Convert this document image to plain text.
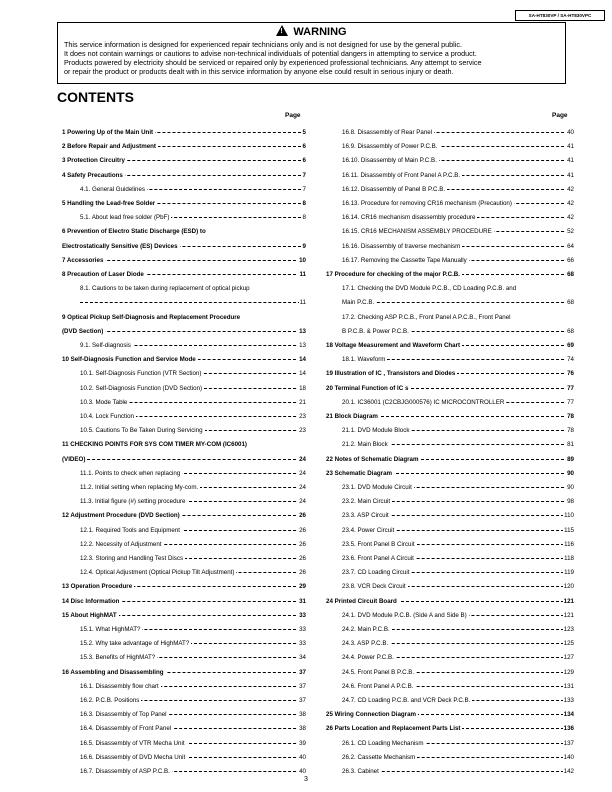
SA-HT830VP / SA-HT830VPC
!WARNING
This service information is designed for experienced repair technicians only and is not designed for use by the general public.
It does not contain warnings or cautions to advise non-technical individuals of potential dangers in attempting to service a product.
Products powered by electricity should be serviced or repaired only by experienced professional technicians. Any attempt to service
or repair the product or products dealt with in this service information by anyone else could result in serious injury or death.
CONTENTS
Page	Page
1 Powering Up of the Main Unit	5
2 Before Repair and Adjustment	6
3 Protection Circuitry	6
4 Safety Precautions	7
4.1. General Guidelines	7
5 Handling the Lead-free Solder	8
5.1. About lead free solder (PbF)	8
6 Prevention of Electro Static Discharge (ESD) to
Electrostatically Sensitive (ES) Devices	9
7 Accessories	10
8 Precaution of Laser Diode	11
8.1. Cautions to be taken during replacement of optical pickup
11
9 Optical Pickup Self-Diagnosis and Replacement Procedure
(DVD Section)	13
9.1. Self-diagnosis	13
10 Self-Diagnosis Function and Service Mode	14
10.1. Self-Diagnosis Function (VTR Section)	14
10.2. Self-Diagnosis Function (DVD Section)	18
10.3. Mode Table	21
10.4. Lock Function	23
10.5. Cautions To Be Taken During Servicing	23
11 CHECKING POINTS FOR SYS COM TIMER MY-COM (IC6001)
(VIDEO)	24
11.1. Points to check when replacing	24
11.2. Initial setting when replacing My-com.	24
11.3. Initial figure (#) setting procedure	24
12 Adjustment Procedure (DVD Section)	26
12.1. Required Tools and Equipment	26
12.2. Necessity of Adjustment	26
12.3. Storing and Handling Test Discs	26
12.4. Optical Adjustment (Optical Pickup Tilt Adjustment)	26
13 Operation Procedure	29
14 Disc Information	31
15 About HighMAT	33
15.1. What HighMAT?	33
15.2. Why take advantage of HighMAT?	33
15.3. Benefits of HighMAT?	34
16 Assembling and Disassembling	37
16.1. Disassembly flow chart	37
16.2. P.C.B. Positions	37
16.3. Disassembly of Top Panel	38
16.4. Disassembly of Front Panel	38
16.5. Disassembly of VTR Mecha Unit	39
16.6. Disassembly of DVD Mecha Unit	40
16.7. Disassembly of ASP P.C.B.	40
16.8. Disassembly of Rear Panel	40
16.9. Disassembly of Power P.C.B.	41
16.10. Disassembly of Main P.C.B.	41
16.11. Disassembly of Front Panel A P.C.B.	41
16.12. Disassembly of Panel B P.C.B.	42
16.13. Procedure for removing CR16 mechanism (Precaution)	42
16.14. CR16 mechanism disassembly procedure	42
16.15. CR16 MECHANISM ASSEMBLY PROCEDURE	52
16.16. Disassembly of traverse mechanism	64
16.17. Removing the Cassette Tape Manually	66
17 Procedure for checking of the major P.C.B.	68
17.1. Checking the DVD Module P.C.B., CD Loading P.C.B. and
Main P.C.B.	68
17.2. Checking ASP P.C.B., Front Panel A P.C.B., Front Panel
B P.C.B. & Power P.C.B.	68
18 Voltage Measurement and Waveform Chart	69
18.1. Waveform	74
19 Illustration of IC , Transistors and Diodes	76
20 Terminal Function of IC s	77
20.1. IC36001 (C2CBJG000576) IC MICROCONTROLLER	77
21 Block Diagram	78
21.1. DVD Module Block	78
21.2. Main Block	81
22 Notes of Schematic Diagram	89
23 Schematic Diagram	90
23.1. DVD Module Circuit	90
23.2. Main Circuit	98
23.3. ASP Circuit	110
23.4. Power Circuit	115
23.5. Front Panel B Circuit	116
23.6. Front Panel A Circuit	118
23.7. CD Loading Circuit	119
23.8. VCR Deck Circuit	120
24 Printed Circuit Board	121
24.1. DVD Module P.C.B. (Side A and Side B)	121
24.2. Main P.C.B.	123
24.3. ASP P.C.B.	125
24.4. Power P.C.B.	127
24.5. Front Panel B P.C.B.	129
24.6. Front Panel A P.C.B.	131
24.7. CD Loading P.C.B. and VCR Deck P.C.B.	133
25 Wiring Connection Diagram	134
26 Parts Location and Replacement Parts List	136
26.1. CD Loading Mechanism	137
26.2. Cassette Mechanism	140
26.3. Cabinet	142
3
